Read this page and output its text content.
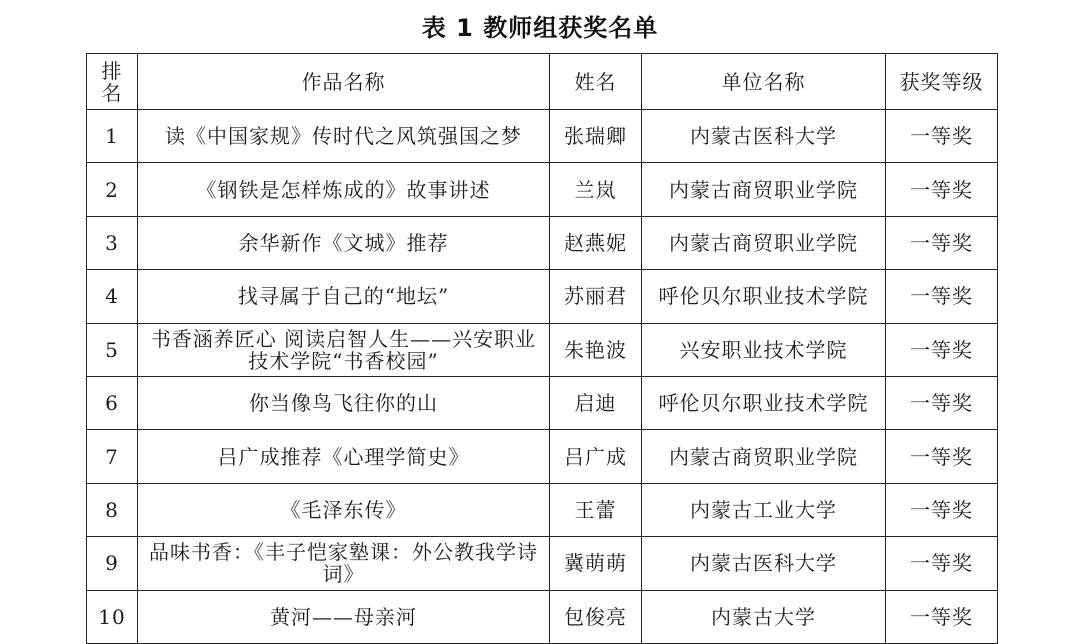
表 1 教师组获奖名单
排名	作品名称	姓名	单位名称	获奖等级
1	读《中国家规》传时代之风筑强国之梦	张瑞卿	内蒙古医科大学	一等奖
2	《钢铁是怎样炼成的》故事讲述	兰岚	内蒙古商贸职业学院	一等奖
3	余华新作《文城》推荐	赵燕妮	内蒙古商贸职业学院	一等奖
4	找寻属于自己的“地坛”	苏丽君	呼伦贝尔职业技术学院	一等奖
5	书香涵养匠心 阅读启智人生——兴安职业技术学院“书香校园”	朱艳波	兴安职业技术学院	一等奖
6	你当像鸟飞往你的山	启迪	呼伦贝尔职业技术学院	一等奖
7	吕广成推荐《心理学简史》	吕广成	内蒙古商贸职业学院	一等奖
8	《毛泽东传》	王蕾	内蒙古工业大学	一等奖
9	品味书香：《丰子恺家塾课：外公教我学诗词》	冀萌萌	内蒙古医科大学	一等奖
10	黄河——母亲河	包俊亮	内蒙古大学	一等奖
